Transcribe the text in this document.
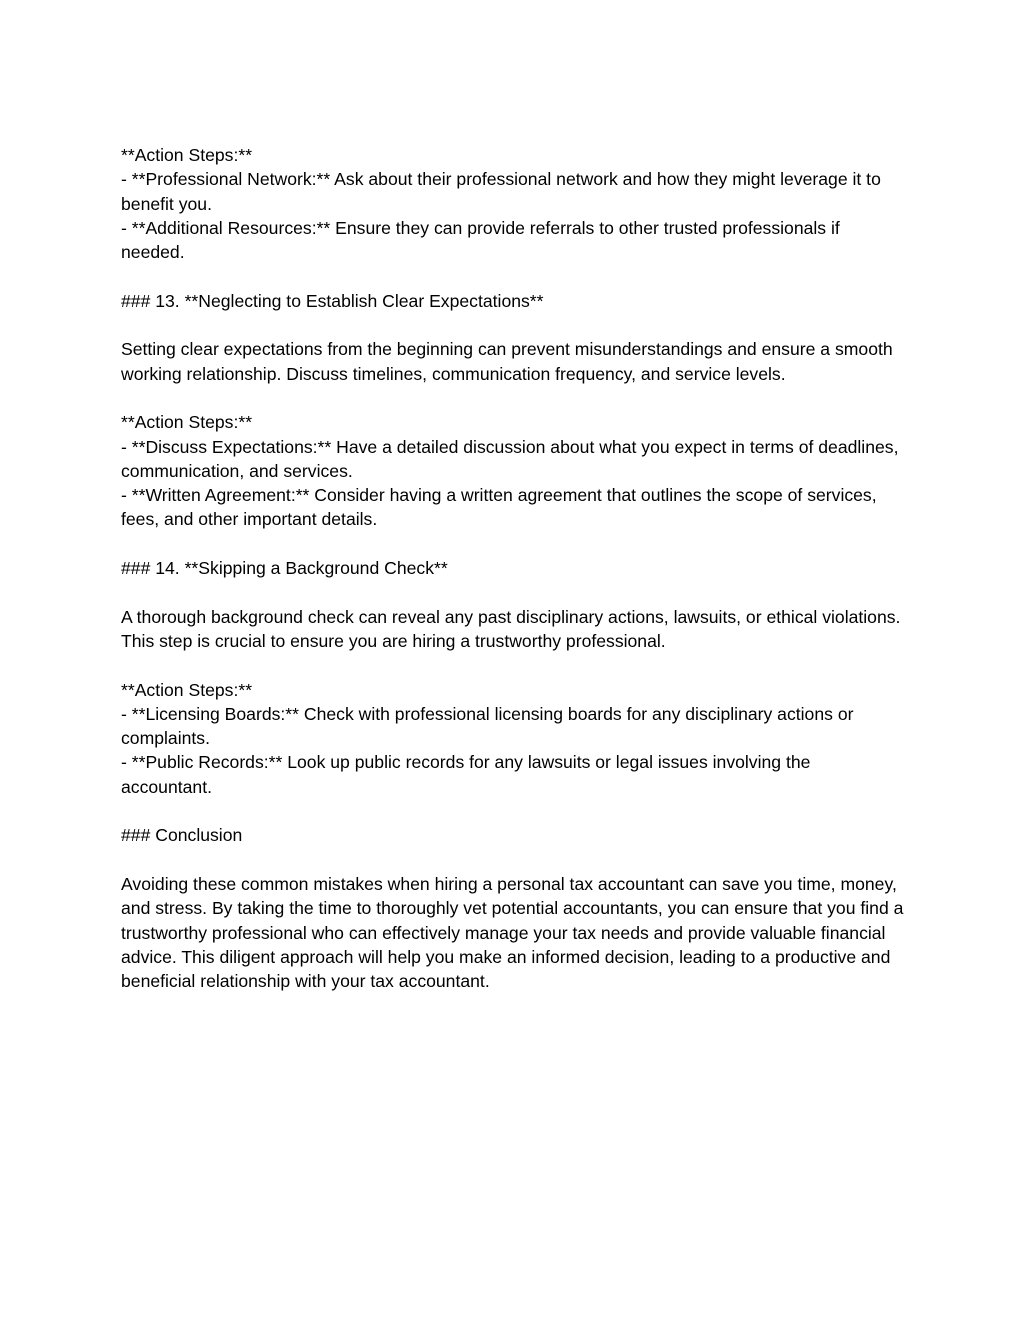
**Action Steps:**

- **Professional Network:** Ask about their professional network and how they might leverage it to benefit you.

- **Additional Resources:** Ensure they can provide referrals to other trusted professionals if needed.

### 13. **Neglecting to Establish Clear Expectations**

Setting clear expectations from the beginning can prevent misunderstandings and ensure a smooth working relationship. Discuss timelines, communication frequency, and service levels.

**Action Steps:**

- **Discuss Expectations:** Have a detailed discussion about what you expect in terms of deadlines, communication, and services.

- **Written Agreement:** Consider having a written agreement that outlines the scope of services, fees, and other important details.

### 14. **Skipping a Background Check**

A thorough background check can reveal any past disciplinary actions, lawsuits, or ethical violations. This step is crucial to ensure you are hiring a trustworthy professional.

**Action Steps:**

- **Licensing Boards:** Check with professional licensing boards for any disciplinary actions or complaints.

- **Public Records:** Look up public records for any lawsuits or legal issues involving the accountant.

### Conclusion

Avoiding these common mistakes when hiring a personal tax accountant can save you time, money, and stress. By taking the time to thoroughly vet potential accountants, you can ensure that you find a trustworthy professional who can effectively manage your tax needs and provide valuable financial advice. This diligent approach will help you make an informed decision, leading to a productive and beneficial relationship with your tax accountant.
